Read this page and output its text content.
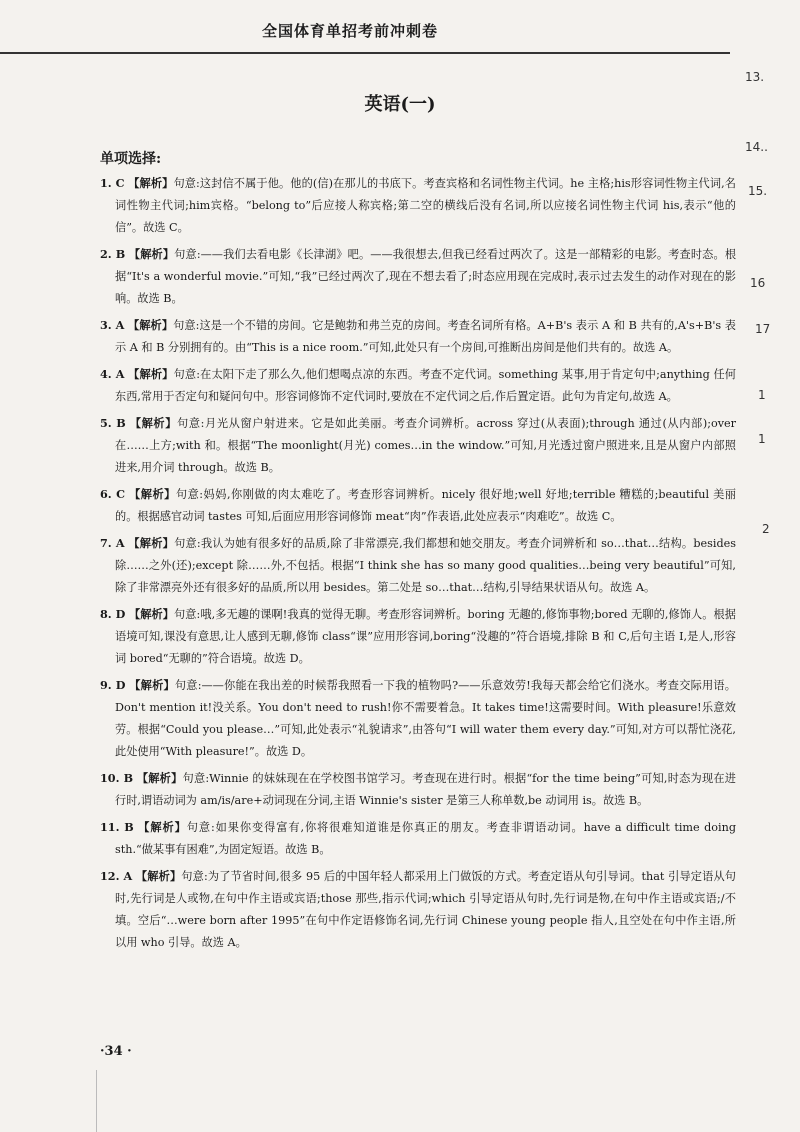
全国体育单招考前冲刺卷
13.
14..
15.
16
17
1
1
2
英语(一)
单项选择:
1. C 【解析】句意:这封信不属于他。他的(信)在那儿的书底下。考查宾格和名词性物主代词。he 主格;his形容词性物主代词,名词性物主代词;him宾格。“belong to”后应接人称宾格;第二空的横线后没有名词,所以应接名词性物主代词 his,表示“他的信”。故选 C。
2. B 【解析】句意:——我们去看电影《长津湖》吧。——我很想去,但我已经看过两次了。这是一部精彩的电影。考查时态。根据“It's a wonderful movie.”可知,“我”已经过两次了,现在不想去看了;时态应用现在完成时,表示过去发生的动作对现在的影响。故选 B。
3. A 【解析】句意:这是一个不错的房间。它是鲍勃和弗兰克的房间。考查名词所有格。A+B's 表示 A 和 B 共有的,A's+B's 表示 A 和 B 分别拥有的。由“This is a nice room.”可知,此处只有一个房间,可推断出房间是他们共有的。故选 A。
4. A 【解析】句意:在太阳下走了那么久,他们想喝点凉的东西。考查不定代词。something 某事,用于肯定句中;anything 任何东西,常用于否定句和疑问句中。形容词修饰不定代词时,要放在不定代词之后,作后置定语。此句为肯定句,故选 A。
5. B 【解析】句意:月光从窗户射进来。它是如此美丽。考查介词辨析。across 穿过(从表面);through 通过(从内部);over 在……上方;with 和。根据“The moonlight(月光) comes…in the window.”可知,月光透过窗户照进来,且是从窗户内部照进来,用介词 through。故选 B。
6. C 【解析】句意:妈妈,你刚做的肉太难吃了。考查形容词辨析。nicely 很好地;well 好地;terrible 糟糕的;beautiful 美丽的。根据感官动词 tastes 可知,后面应用形容词修饰 meat“肉”作表语,此处应表示“肉难吃”。故选 C。
7. A 【解析】句意:我认为她有很多好的品质,除了非常漂亮,我们都想和她交朋友。考查介词辨析和 so…that…结构。besides 除……之外(还);except 除……外,不包括。根据“I think she has so many good qualities…being very beautiful”可知,除了非常漂亮外还有很多好的品质,所以用 besides。第二处是 so…that…结构,引导结果状语从句。故选 A。
8. D 【解析】句意:哦,多无趣的课啊!我真的觉得无聊。考查形容词辨析。boring 无趣的,修饰事物;bored 无聊的,修饰人。根据语境可知,课没有意思,让人感到无聊,修饰 class“课”应用形容词,boring“没趣的”符合语境,排除 B 和 C,后句主语 I,是人,形容词 bored“无聊的”符合语境。故选 D。
9. D 【解析】句意:——你能在我出差的时候帮我照看一下我的植物吗?——乐意效劳!我每天都会给它们浇水。考查交际用语。Don't mention it!没关系。You don't need to rush!你不需要着急。It takes time!这需要时间。With pleasure!乐意效劳。根据“Could you please…”可知,此处表示“礼貌请求”,由答句“I will water them every day.”可知,对方可以帮忙浇花,此处使用“With pleasure!”。故选 D。
10. B 【解析】句意:Winnie 的妹妹现在在学校图书馆学习。考查现在进行时。根据“for the time being”可知,时态为现在进行时,谓语动词为 am/is/are+动词现在分词,主语 Winnie's sister 是第三人称单数,be 动词用 is。故选 B。
11. B 【解析】句意:如果你变得富有,你将很难知道谁是你真正的朋友。考查非谓语动词。have a difficult time doing sth.“做某事有困难”,为固定短语。故选 B。
12. A 【解析】句意:为了节省时间,很多 95 后的中国年轻人都采用上门做饭的方式。考查定语从句引导词。that 引导定语从句时,先行词是人或物,在句中作主语或宾语;those 那些,指示代词;which 引导定语从句时,先行词是物,在句中作主语或宾语;/不填。空后“…were born after 1995”在句中作定语修饰名词,先行词 Chinese young people 指人,且空处在句中作主语,所以用 who 引导。故选 A。
·34 ·
